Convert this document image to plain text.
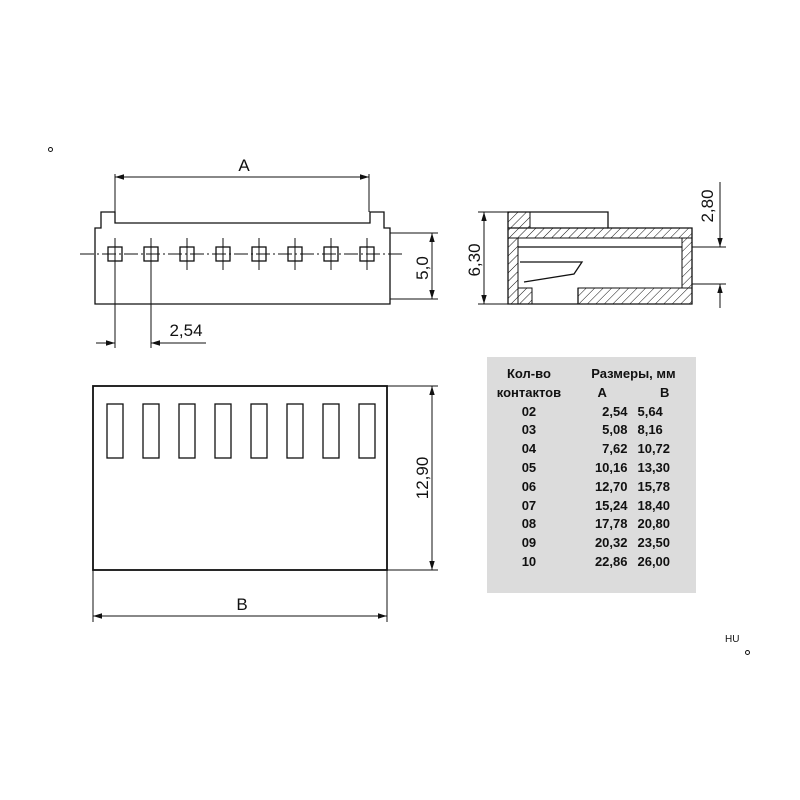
A
5,0
2,54
6,30
2,80
12,90
B
Кол-во	Размеры, мм	
контактов	A	B
02	2,54	5,64
03	5,08	8,16
04	7,62	10,72
05	10,16	13,30
06	12,70	15,78
07	15,24	18,40
08	17,78	20,80
09	20,32	23,50
10	22,86	26,00
HU
